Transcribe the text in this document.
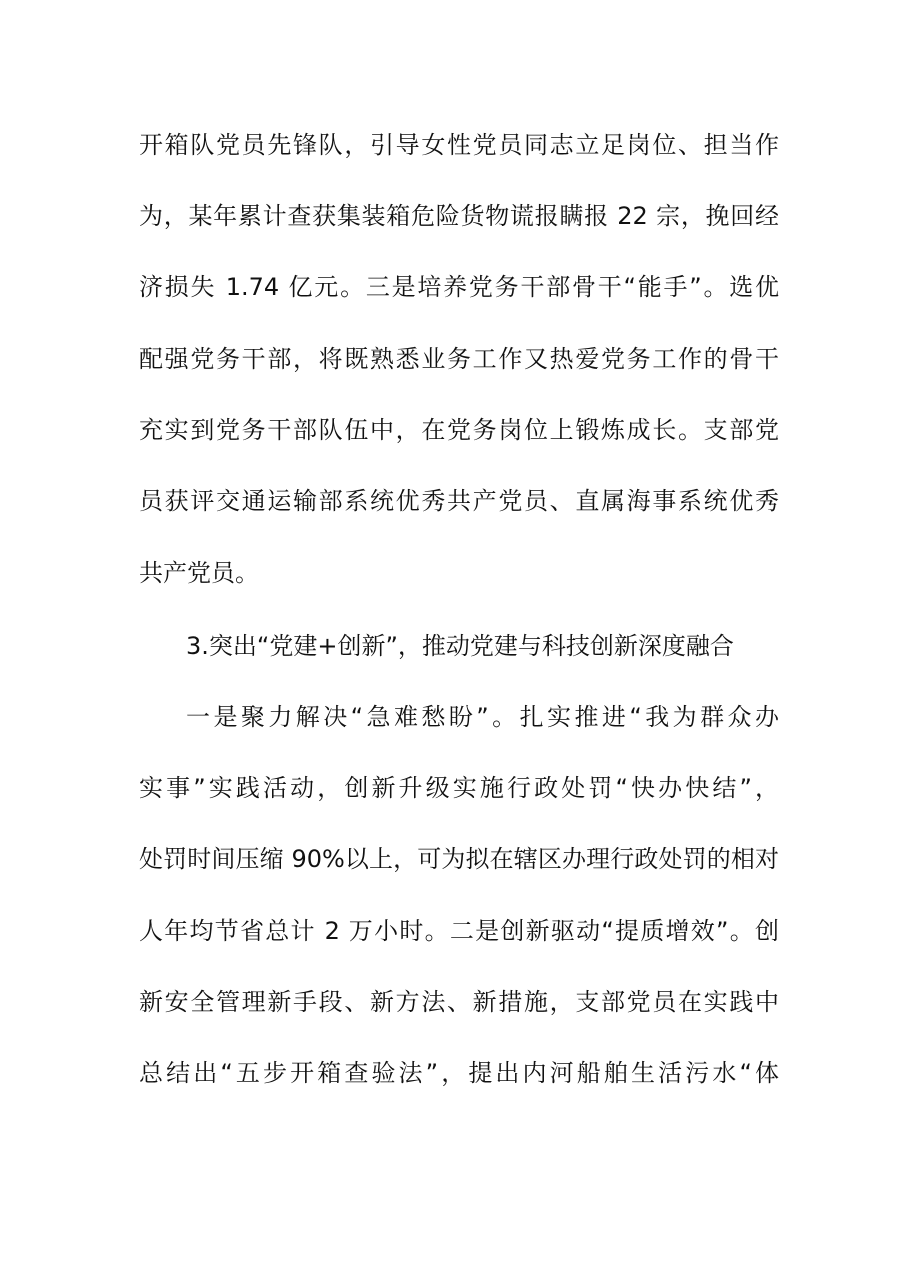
开箱队党员先锋队，引导女性党员同志立足岗位、担当作
为，某年累计查获集装箱危险货物谎报瞒报 22 宗，挽回经
济损失 1.74 亿元。三是培养党务干部骨干“能手”。选优
配强党务干部，将既熟悉业务工作又热爱党务工作的骨干
充实到党务干部队伍中，在党务岗位上锻炼成长。支部党
员获评交通运输部系统优秀共产党员、直属海事系统优秀
共产党员。
3.突出“党建+创新”，推动党建与科技创新深度融合
一是聚力解决“急难愁盼”。扎实推进“我为群众办
实事”实践活动，创新升级实施行政处罚“快办快结”，
处罚时间压缩 90%以上，可为拟在辖区办理行政处罚的相对
人年均节省总计 2 万小时。二是创新驱动“提质增效”。创
新安全管理新手段、新方法、新措施，支部党员在实践中
总结出“五步开箱查验法”，提出内河船舶生活污水“体
